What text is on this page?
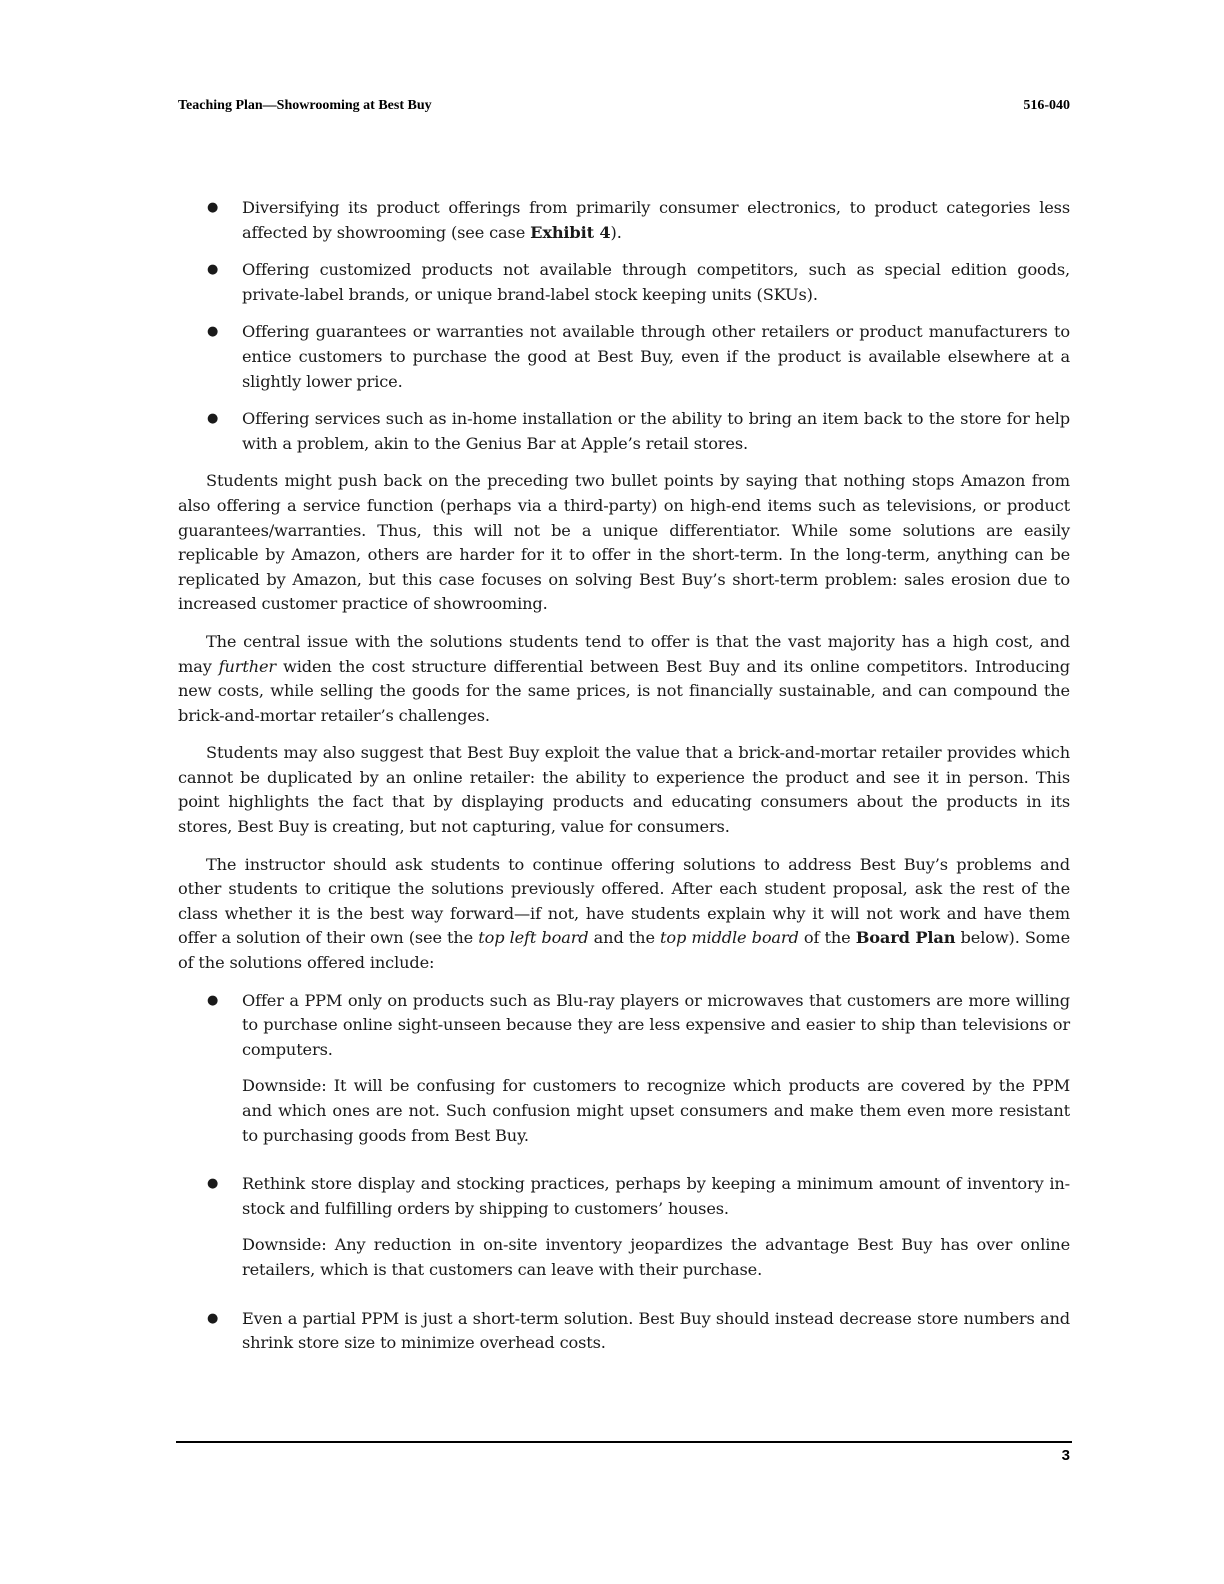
Teaching Plan—Showrooming at Best Buy	516-040
● Diversifying its product offerings from primarily consumer electronics, to product categories less affected by showrooming (see case Exhibit 4).
● Offering customized products not available through competitors, such as special edition goods, private-label brands, or unique brand-label stock keeping units (SKUs).
● Offering guarantees or warranties not available through other retailers or product manufacturers to entice customers to purchase the good at Best Buy, even if the product is available elsewhere at a slightly lower price.
● Offering services such as in-home installation or the ability to bring an item back to the store for help with a problem, akin to the Genius Bar at Apple’s retail stores.

Students might push back on the preceding two bullet points by saying that nothing stops Amazon from also offering a service function (perhaps via a third-party) on high-end items such as televisions, or product guarantees/warranties. Thus, this will not be a unique differentiator. While some solutions are easily replicable by Amazon, others are harder for it to offer in the short-term. In the long-term, anything can be replicated by Amazon, but this case focuses on solving Best Buy’s short-term problem: sales erosion due to increased customer practice of showrooming.

The central issue with the solutions students tend to offer is that the vast majority has a high cost, and may further widen the cost structure differential between Best Buy and its online competitors. Introducing new costs, while selling the goods for the same prices, is not financially sustainable, and can compound the brick-and-mortar retailer’s challenges.

Students may also suggest that Best Buy exploit the value that a brick-and-mortar retailer provides which cannot be duplicated by an online retailer: the ability to experience the product and see it in person. This point highlights the fact that by displaying products and educating consumers about the products in its stores, Best Buy is creating, but not capturing, value for consumers.

The instructor should ask students to continue offering solutions to address Best Buy’s problems and other students to critique the solutions previously offered. After each student proposal, ask the rest of the class whether it is the best way forward—if not, have students explain why it will not work and have them offer a solution of their own (see the top left board and the top middle board of the Board Plan below). Some of the solutions offered include:

● Offer a PPM only on products such as Blu-ray players or microwaves that customers are more willing to purchase online sight-unseen because they are less expensive and easier to ship than televisions or computers.
Downside: It will be confusing for customers to recognize which products are covered by the PPM and which ones are not. Such confusion might upset consumers and make them even more resistant to purchasing goods from Best Buy.
● Rethink store display and stocking practices, perhaps by keeping a minimum amount of inventory in-stock and fulfilling orders by shipping to customers’ houses.
Downside: Any reduction in on-site inventory jeopardizes the advantage Best Buy has over online retailers, which is that customers can leave with their purchase.
● Even a partial PPM is just a short-term solution. Best Buy should instead decrease store numbers and shrink store size to minimize overhead costs.
3
